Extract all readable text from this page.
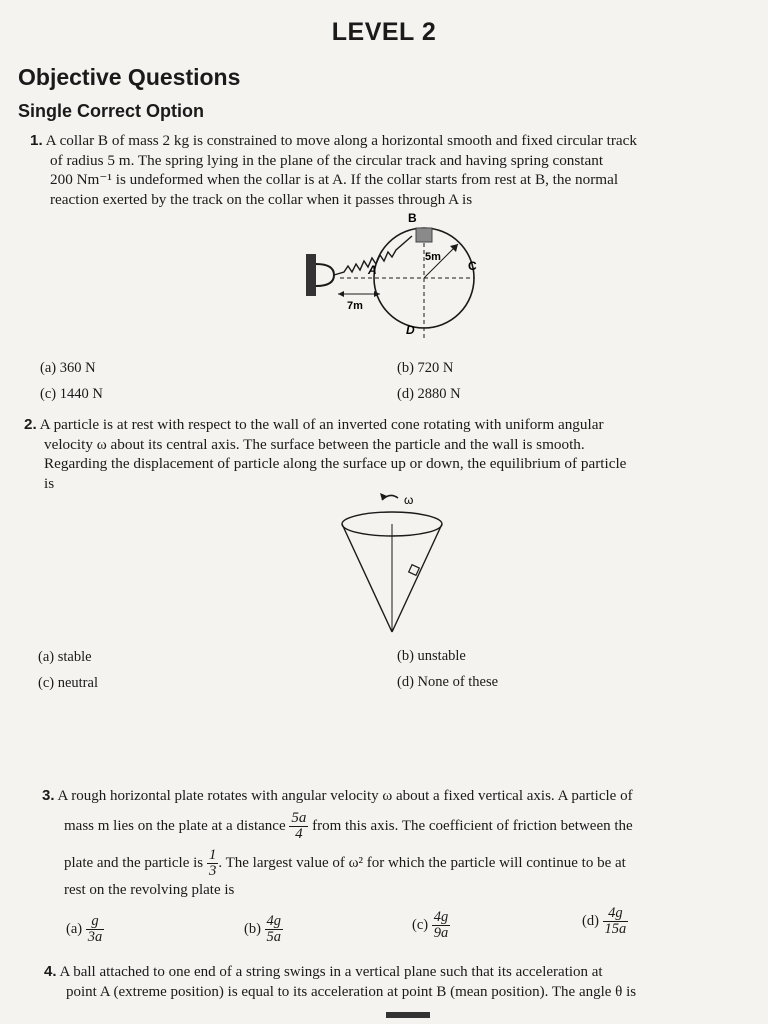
LEVEL 2
Objective Questions
Single Correct Option
1. A collar B of mass 2 kg is constrained to move along a horizontal smooth and fixed circular track
of radius 5 m. The spring lying in the plane of the circular track and having spring constant
200 Nm⁻¹ is undeformed when the collar is at A. If the collar starts from rest at B, the normal
reaction exerted by the track on the collar when it passes through A is
B
A	C
D
5m
7m
(a) 360 N	(b) 720 N
(c) 1440 N	(d) 2880 N
2. A particle is at rest with respect to the wall of an inverted cone rotating with uniform angular
velocity ω about its central axis. The surface between the particle and the wall is smooth.
Regarding the displacement of particle along the surface up or down, the equilibrium of particle
is
ω
(a) stable	(b) unstable
(c) neutral	(d) None of these
3. A rough horizontal plate rotates with angular velocity ω about a fixed vertical axis. A particle of
mass m lies on the plate at a distance $\frac{5a}{4}$ from this axis. The coefficient of friction between the
plate and the particle is $\frac{1}{3}$ . The largest value of ω² for which the particle will continue to be at
rest on the revolving plate is
$(a) \frac{g}{3a}$	$(b) \frac{4g}{5a}$	$(c) \frac{4g}{9a}$	$(d) \frac{4g}{15a}$
4. A ball attached to one end of a string swings in a vertical plane such that its acceleration at
point A (extreme position) is equal to its acceleration at point B (mean position). The angle θ is
